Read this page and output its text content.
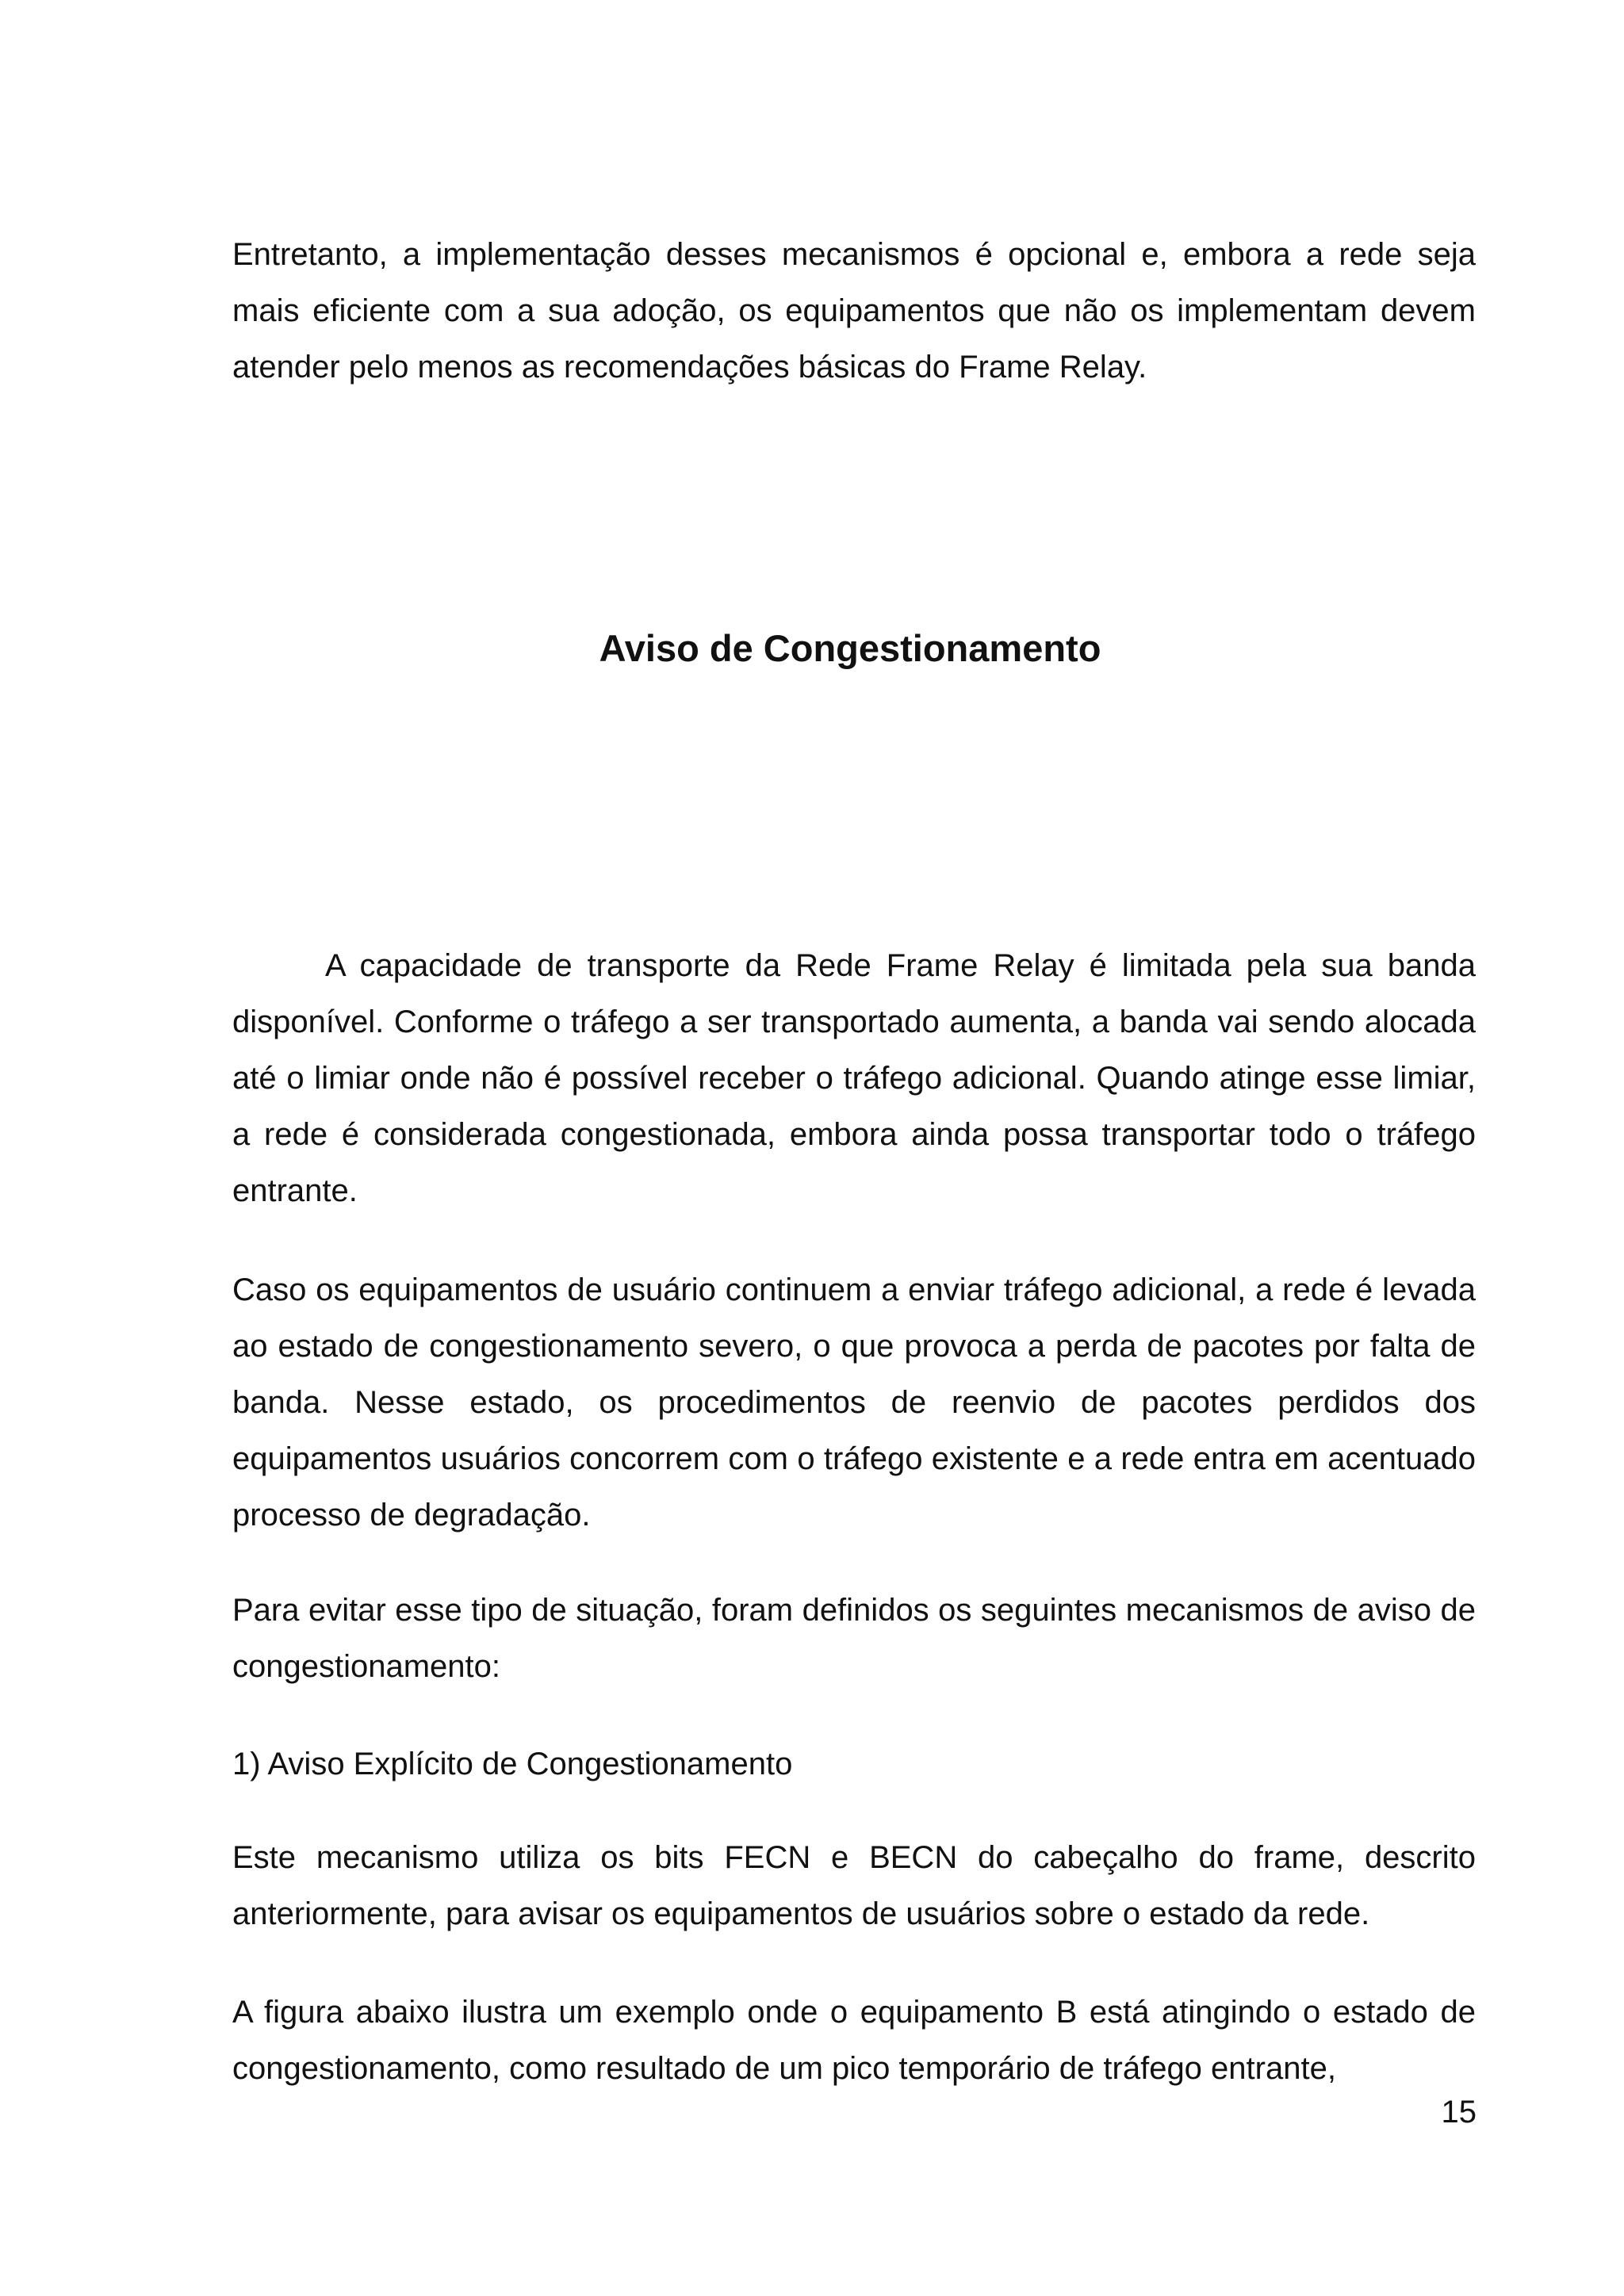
Entretanto, a implementação desses mecanismos é opcional e, embora a rede seja mais eficiente com a sua adoção, os equipamentos que não os implementam devem atender pelo menos as recomendações básicas do Frame Relay.

Aviso de Congestionamento

A capacidade de transporte da Rede Frame Relay é limitada pela sua banda disponível. Conforme o tráfego a ser transportado aumenta, a banda vai sendo alocada até o limiar onde não é possível receber o tráfego adicional. Quando atinge esse limiar, a rede é considerada congestionada, embora ainda possa transportar todo o tráfego entrante.

Caso os equipamentos de usuário continuem a enviar tráfego adicional, a rede é levada ao estado de congestionamento severo, o que provoca a perda de pacotes por falta de banda. Nesse estado, os procedimentos de reenvio de pacotes perdidos dos equipamentos usuários concorrem com o tráfego existente e a rede entra em acentuado processo de degradação.

Para evitar esse tipo de situação, foram definidos os seguintes mecanismos de aviso de congestionamento:

1) Aviso Explícito de Congestionamento

Este mecanismo utiliza os bits FECN e BECN do cabeçalho do frame, descrito anteriormente, para avisar os equipamentos de usuários sobre o estado da rede.

A figura abaixo ilustra um exemplo onde o equipamento B está atingindo o estado de congestionamento, como resultado de um pico temporário de tráfego entrante,

15
